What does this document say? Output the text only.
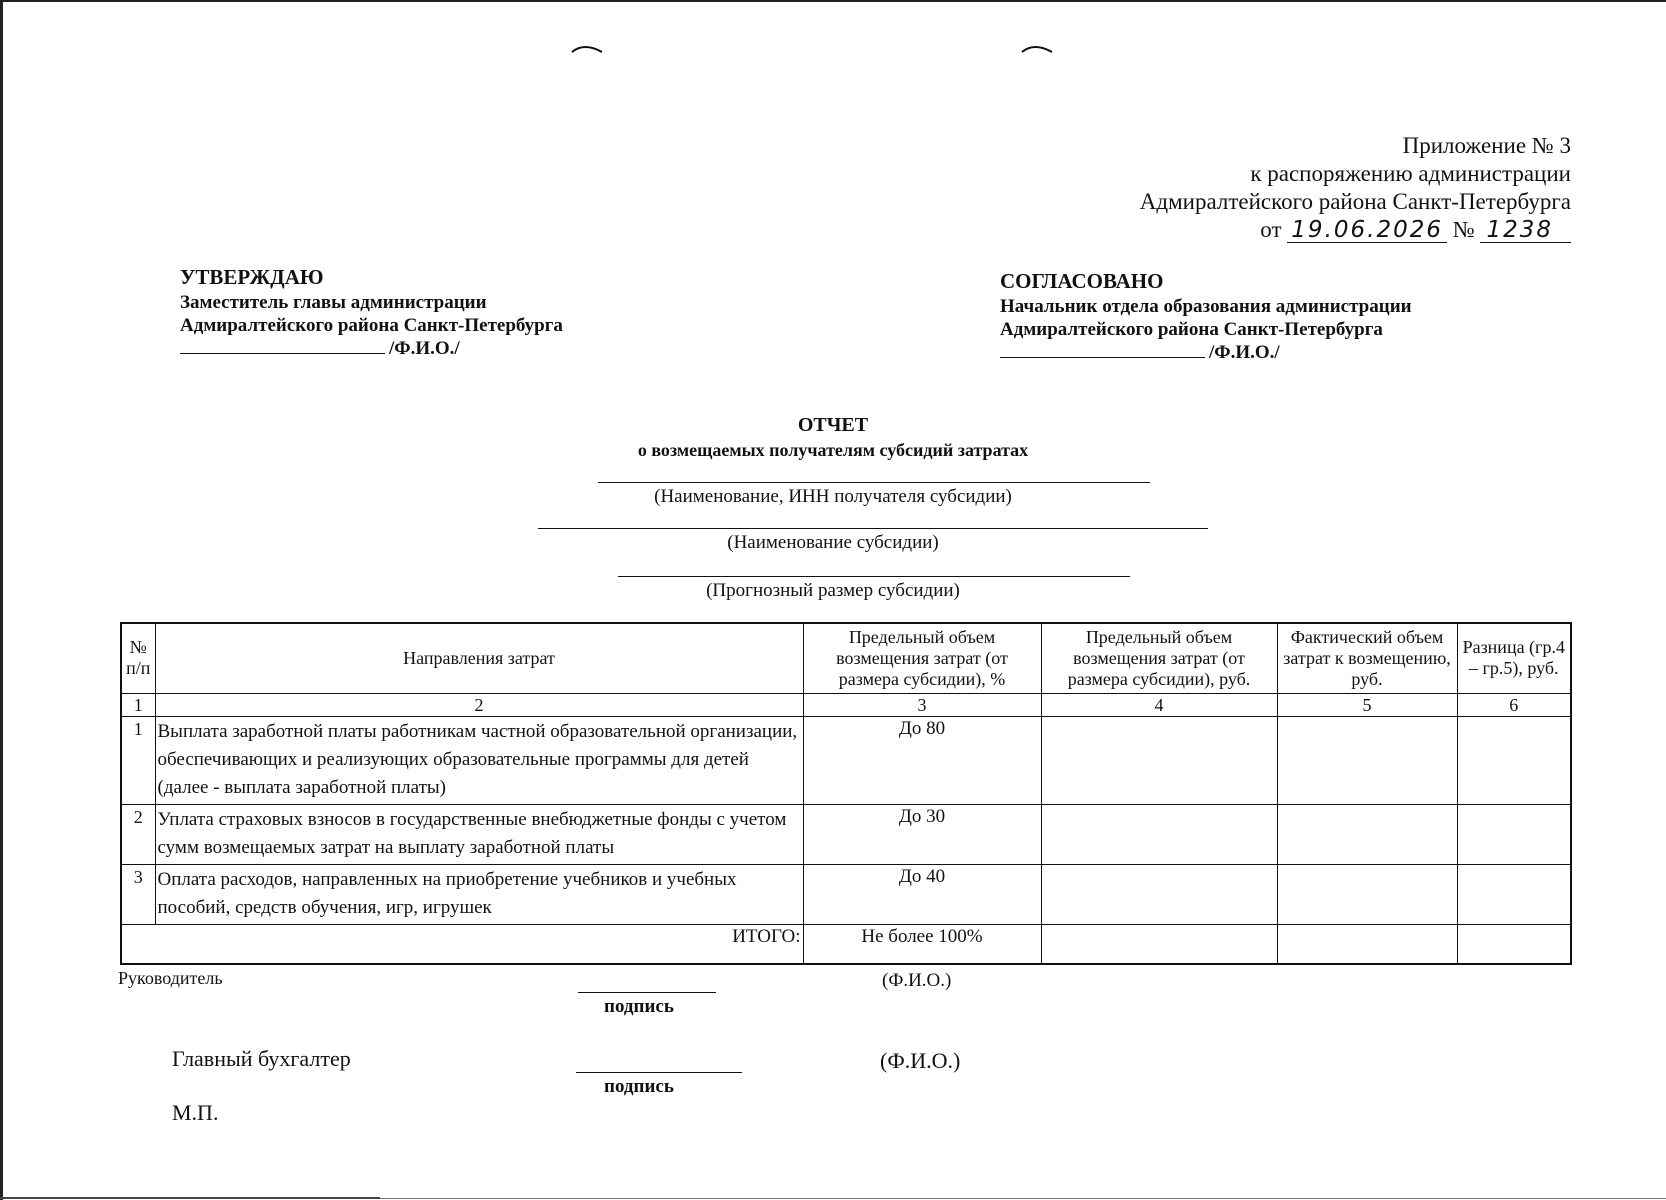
Приложение № 3
к распоряжению администрации
Адмиралтейского района Санкт-Петербурга
от 19.06.2026 № 1238
УТВЕРЖДАЮ
Заместитель главы администрации
Адмиралтейского района Санкт-Петербурга
/Ф.И.О./
СОГЛАСОВАНО
Начальник отдела образования администрации
Адмиралтейского района Санкт-Петербурга
/Ф.И.О./
ОТЧЕТ
о возмещаемых получателям субсидий затратах
(Наименование, ИНН получателя субсидии)
(Наименование субсидии)
(Прогнозный размер субсидии)
№ п/п	Направления затрат	Предельный объем возмещения затрат (от размера субсидии), %	Предельный объем возмещения затрат (от размера субсидии), руб.	Фактический объем затрат к возмещению, руб.	Разница (гр.4 – гр.5), руб.
1	2	3	4	5	6
1	Выплата заработной платы работникам частной образовательной организации, обеспечивающих и реализующих образовательные программы для детей (далее - выплата заработной платы)	До 80			
2	Уплата страховых взносов в государственные внебюджетные фонды с учетом сумм возмещаемых затрат на выплату заработной платы	До 30			
3	Оплата расходов, направленных на приобретение учебников и учебных пособий, средств обучения, игр, игрушек	До 40			
ИТОГО:		Не более 100%			
Руководитель
подпись
(Ф.И.О.)
Главный бухгалтер
подпись
(Ф.И.О.)
М.П.
